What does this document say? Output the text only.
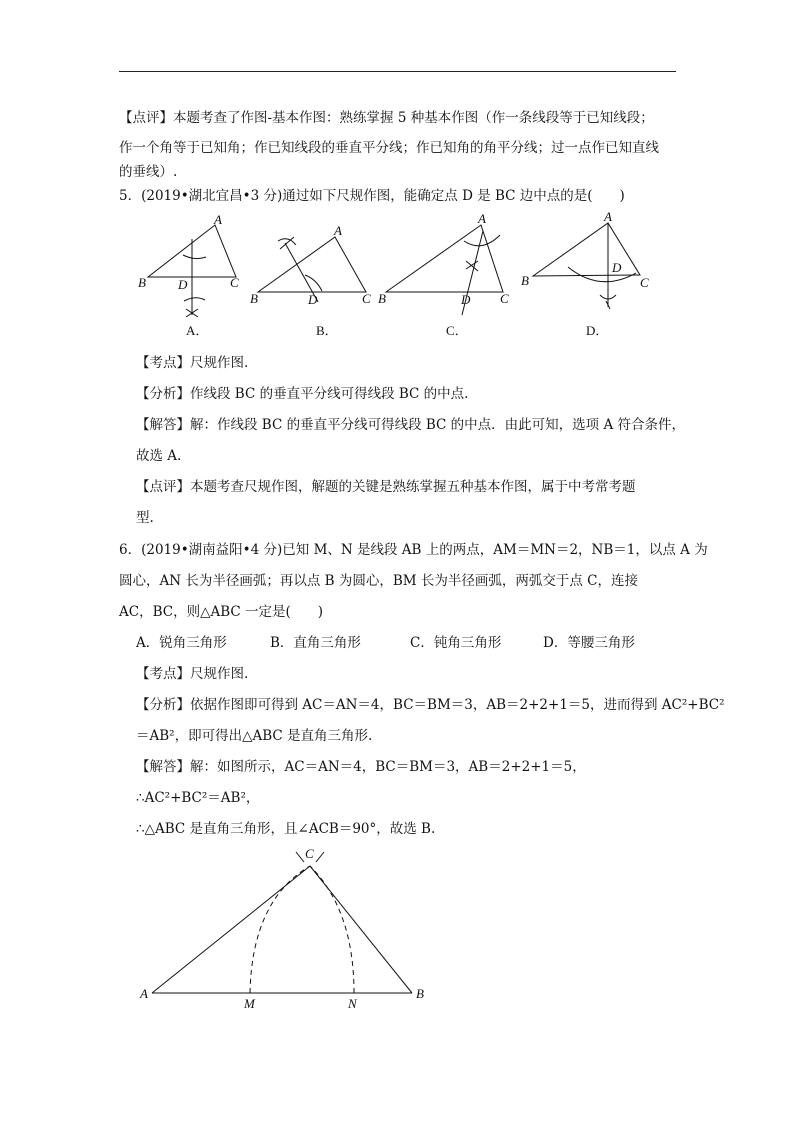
【点评】本题考查了作图-基本作图：熟练掌握 5 种基本作图（作一条线段等于已知线段；
作一个角等于已知角；作已知线段的垂直平分线；作已知角的角平分线；过一点作已知直线
的垂线）.
5．(2019•湖北宜昌•3 分)通过如下尺规作图，能确定点 D 是 BC 边中点的是(　　)
A
B	C
D
A
B	C
D
A
B	C
D
A
B	C
D
A．	B．	C．	D．
【考点】尺规作图.
【分析】作线段 BC 的垂直平分线可得线段 BC 的中点.
【解答】解：作线段 BC 的垂直平分线可得线段 BC 的中点．由此可知，选项 A 符合条件，
故选 A.
【点评】本题考查尺规作图，解题的关键是熟练掌握五种基本作图，属于中考常考题
型.
6．(2019•湖南益阳•4 分)已知 M、N 是线段 AB 上的两点，AM＝MN＝2，NB＝1，以点 A 为
圆心，AN 长为半径画弧；再以点 B 为圆心，BM 长为半径画弧，两弧交于点 C，连接
AC，BC，则△ABC 一定是(　　)
A．锐角三角形	B．直角三角形	C．钝角三角形	D．等腰三角形
【考点】尺规作图.
【分析】依据作图即可得到 AC＝AN＝4，BC＝BM＝3，AB＝2+2+1＝5，进而得到 AC²+BC²
＝AB²，即可得出△ABC 是直角三角形.
【解答】解：如图所示，AC＝AN＝4，BC＝BM＝3，AB＝2+2+1＝5，
∴AC²+BC²＝AB²，
∴△ABC 是直角三角形，且∠ACB＝90°，故选 B.
C
A	B
M	N
